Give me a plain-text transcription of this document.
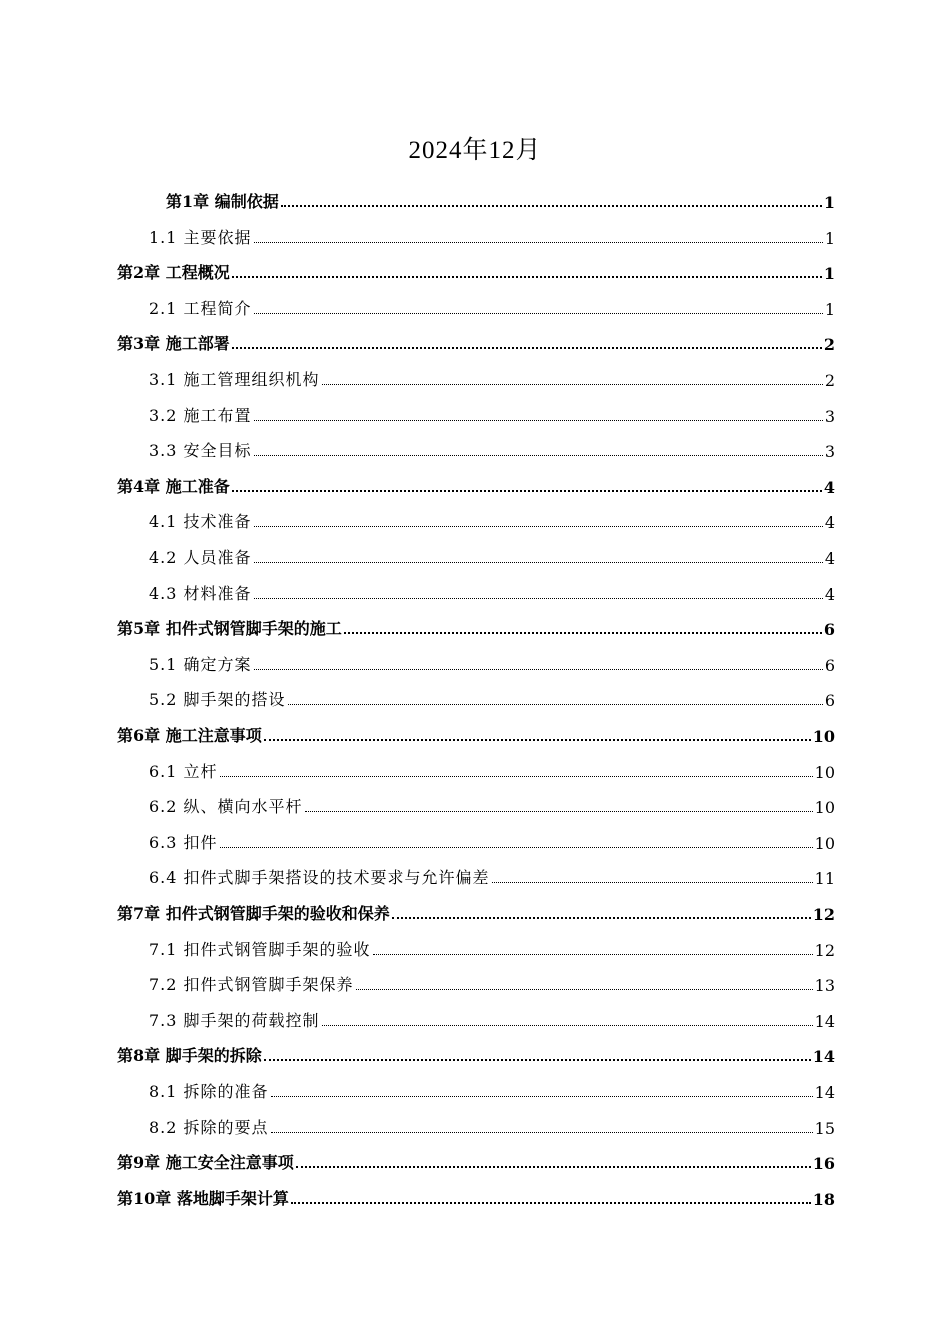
2024年12月
第1章 编制依据	1
1.1 主要依据	1
第2章 工程概况	1
2.1 工程简介	1
第3章 施工部署	2
3.1 施工管理组织机构	2
3.2 施工布置	3
3.3 安全目标	3
第4章 施工准备	4
4.1 技术准备	4
4.2 人员准备	4
4.3 材料准备	4
第5章 扣件式钢管脚手架的施工	6
5.1 确定方案	6
5.2 脚手架的搭设	6
第6章 施工注意事项	10
6.1 立杆	10
6.2 纵、横向水平杆	10
6.3 扣件	10
6.4 扣件式脚手架搭设的技术要求与允许偏差	11
第7章 扣件式钢管脚手架的验收和保养	12
7.1 扣件式钢管脚手架的验收	12
7.2 扣件式钢管脚手架保养	13
7.3 脚手架的荷载控制	14
第8章 脚手架的拆除	14
8.1 拆除的准备	14
8.2 拆除的要点	15
第9章 施工安全注意事项	16
第10章 落地脚手架计算	18
